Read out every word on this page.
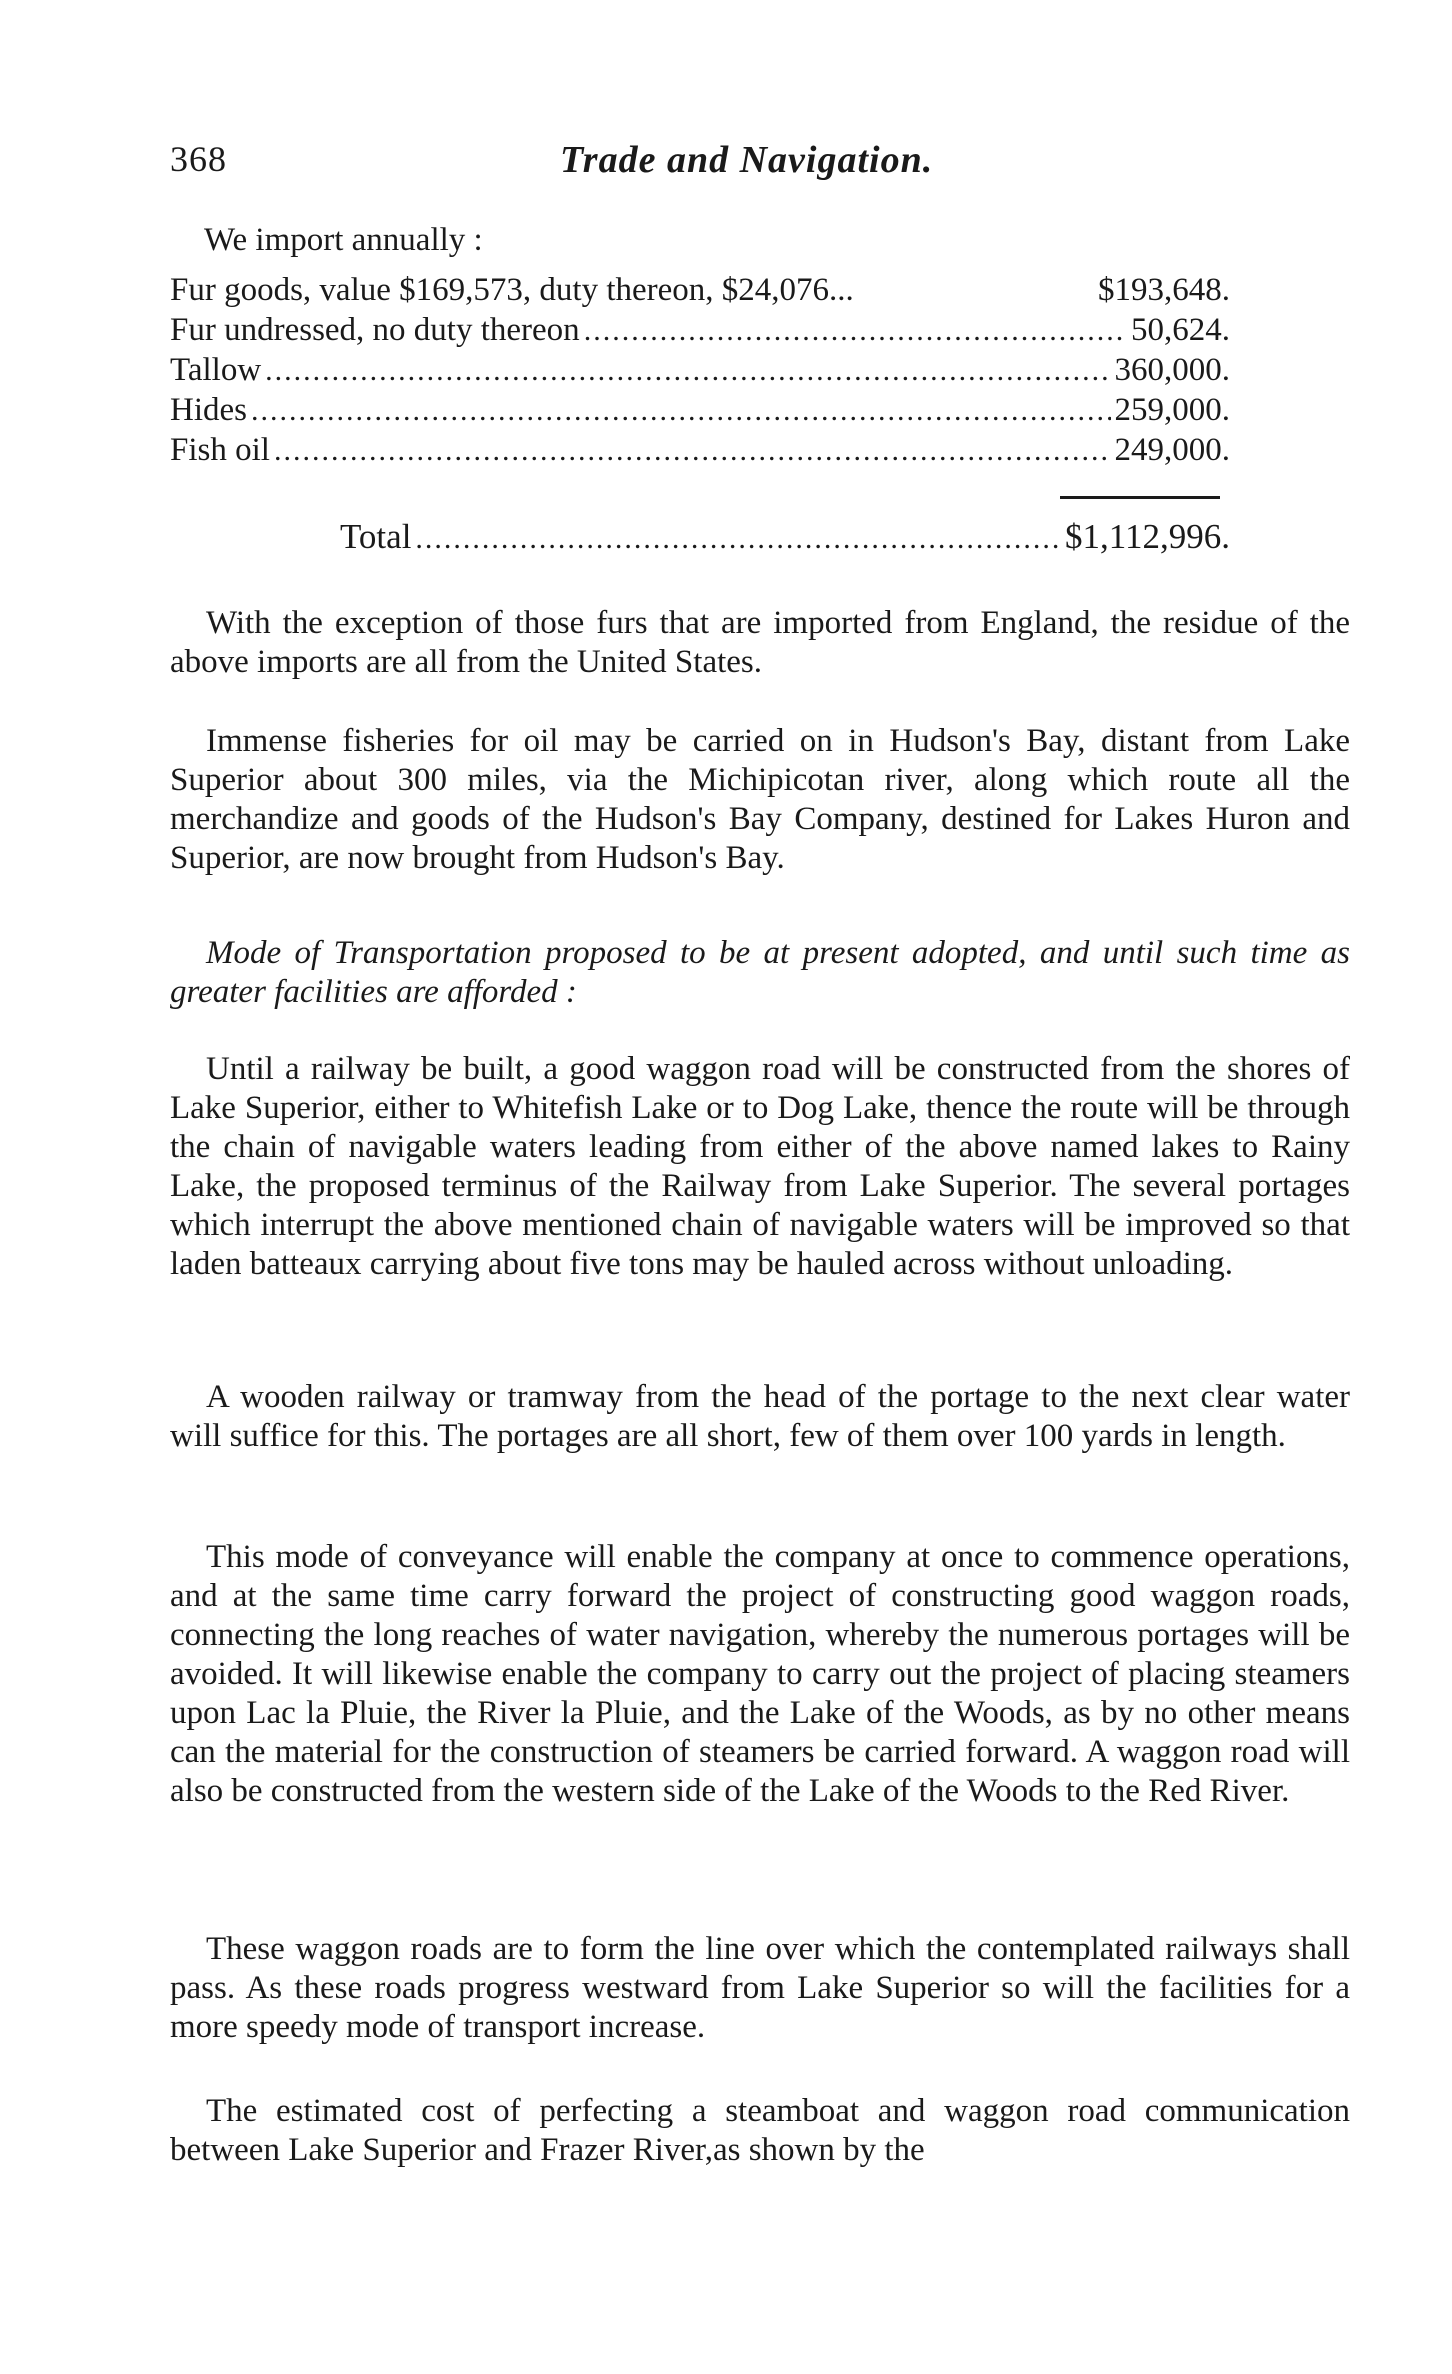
368	Trade and Navigation.
We import annually :
Fur goods, value $169,573, duty thereon, $24,076...	$193,648.
Fur undressed, no duty thereon .....	50,624.
Tallow .....	360,000.
Hides .....	259,000.
Fish oil .....	249,000.
Total .....	$1,112,996.

With the exception of those furs that are imported from England, the residue of the above imports are all from the United States.

Immense fisheries for oil may be carried on in Hudson's Bay, distant from Lake Superior about 300 miles, via the Michipicotan river, along which route all the merchandize and goods of the Hudson's Bay Company, destined for Lakes Huron and Superior, are now brought from Hudson's Bay.

Mode of Transportation proposed to be at present adopted, and until such time as greater facilities are afforded :

Until a railway be built, a good waggon road will be constructed from the shores of Lake Superior, either to Whitefish Lake or to Dog Lake, thence the route will be through the chain of navigable waters leading from either of the above named lakes to Rainy Lake, the proposed terminus of the Railway from Lake Superior. The several portages which interrupt the above mentioned chain of navigable waters will be improved so that laden batteaux carrying about five tons may be hauled across without unloading.

A wooden railway or tramway from the head of the portage to the next clear water will suffice for this. The portages are all short, few of them over 100 yards in length.

This mode of conveyance will enable the company at once to commence operations, and at the same time carry forward the project of constructing good waggon roads, connecting the long reaches of water navigation, whereby the numerous portages will be avoided. It will likewise enable the company to carry out the project of placing steamers upon Lac la Pluie, the River la Pluie, and the Lake of the Woods, as by no other means can the material for the construction of steamers be carried forward. A waggon road will also be constructed from the western side of the Lake of the Woods to the Red River.

These waggon roads are to form the line over which the contemplated railways shall pass. As these roads progress westward from Lake Superior so will the facilities for a more speedy mode of transport increase.

The estimated cost of perfecting a steamboat and waggon road communication between Lake Superior and Frazer River,as shown by the
